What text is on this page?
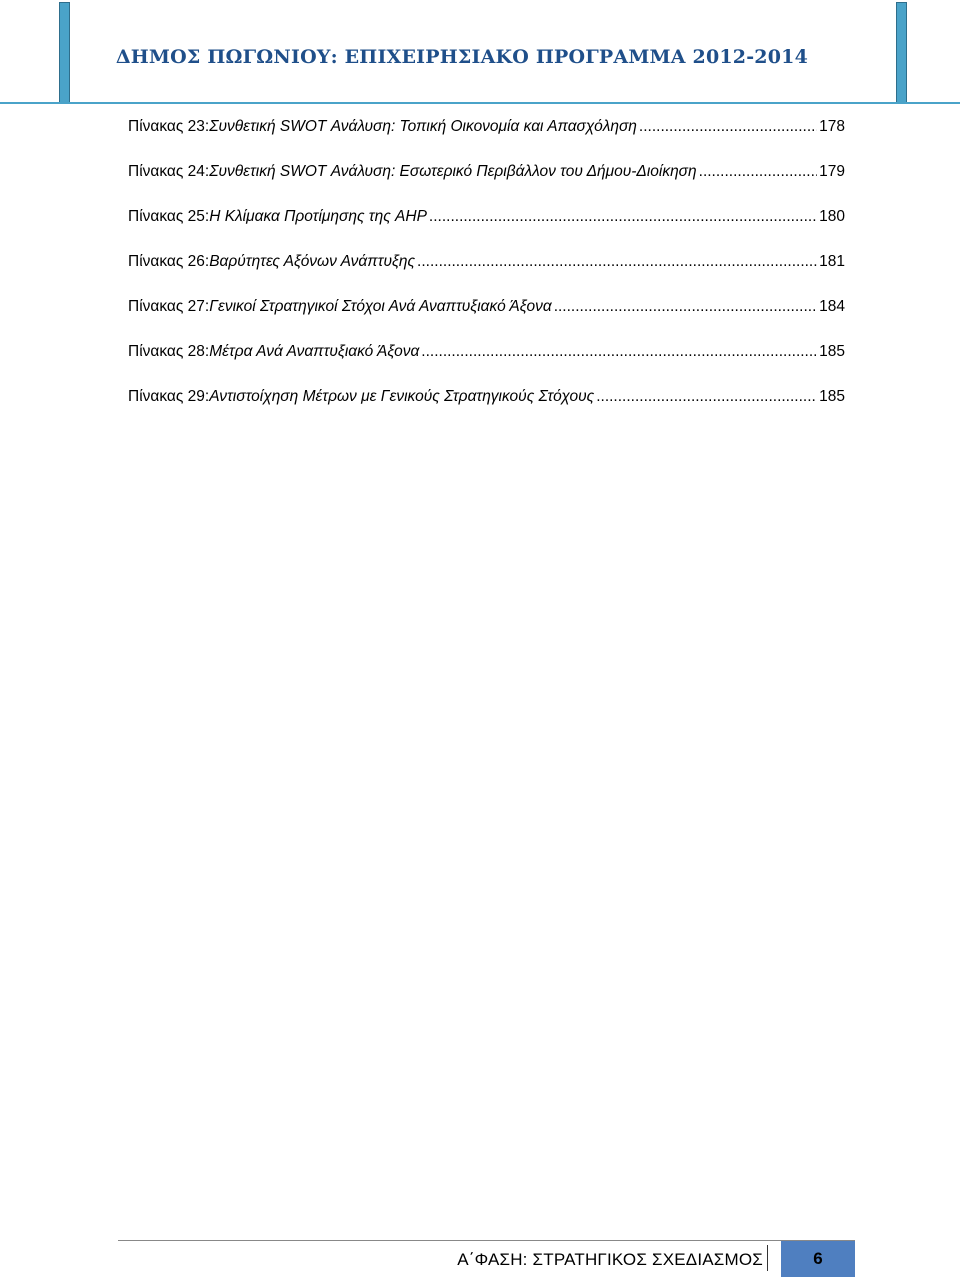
ΔΗΜΟΣ ΠΩΓΩΝΙΟΥ: ΕΠΙΧΕΙΡΗΣΙΑΚΟ ΠΡΟΓΡΑΜΜΑ 2012-2014
Πίνακας 23: Συνθετική SWOT Ανάλυση: Τοπική Οικονομία και Απασχόληση .....	178
Πίνακας 24: Συνθετική SWOT Ανάλυση: Εσωτερικό Περιβάλλον του Δήμου-Διοίκηση .....	179
Πίνακας 25: Η Κλίμακα Προτίμησης της AHP .....	180
Πίνακας 26: Βαρύτητες Αξόνων Ανάπτυξης .....	181
Πίνακας 27: Γενικοί Στρατηγικοί Στόχοι Ανά Αναπτυξιακό Άξονα .....	184
Πίνακας 28: Μέτρα Ανά Αναπτυξιακό Άξονα .....	185
Πίνακας 29: Αντιστοίχηση Μέτρων με Γενικούς Στρατηγικούς Στόχους .....	185
Α΄ΦΑΣΗ: ΣΤΡΑΤΗΓΙΚΟΣ ΣΧΕΔΙΑΣΜΟΣ	6
